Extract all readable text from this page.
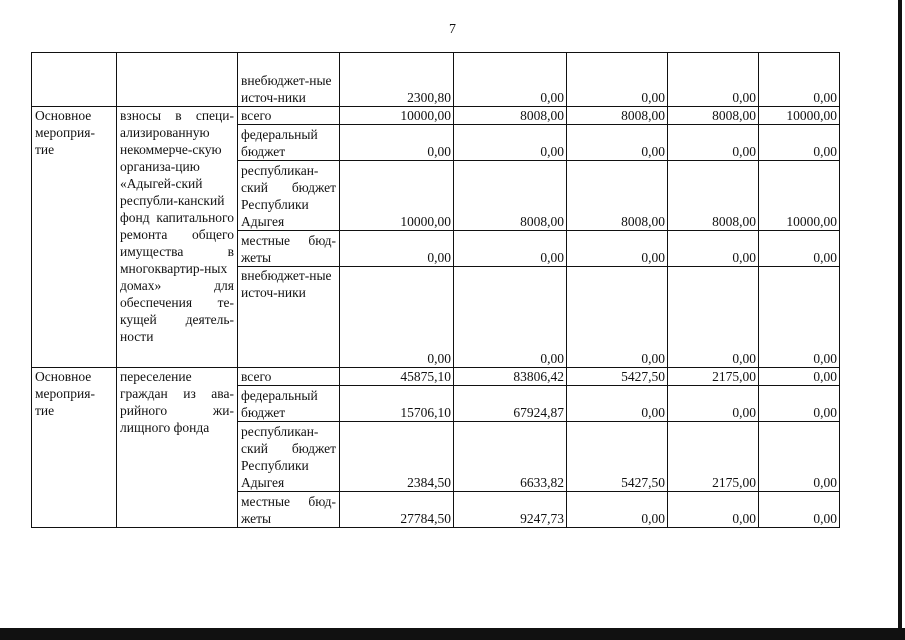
7
		внебюджет-ные источ-ники	2300,80	0,00	0,00	0,00	0,00
Основное мероприя-тие	взносы в специ-ализированную некоммерче-скую организа-цию «Адыгей-ский республи-канский фонд капитального ремонта общего имущества в многоквартир-ных домах» для обеспечения те-кущей деятель-ности	всего	10000,00	8008,00	8008,00	8008,00	10000,00
		федеральный бюджет	0,00	0,00	0,00	0,00	0,00
		республикан-ский бюджет Республики Адыгея	10000,00	8008,00	8008,00	8008,00	10000,00
		местные бюд-жеты	0,00	0,00	0,00	0,00	0,00
		внебюджет-ные источ-ники	0,00	0,00	0,00	0,00	0,00
Основное мероприя-тие	переселение граждан из ава-рийного жи-лищного фонда	всего	45875,10	83806,42	5427,50	2175,00	0,00
		федеральный бюджет	15706,10	67924,87	0,00	0,00	0,00
		республикан-ский бюджет Республики Адыгея	2384,50	6633,82	5427,50	2175,00	0,00
		местные бюд-жеты	27784,50	9247,73	0,00	0,00	0,00
